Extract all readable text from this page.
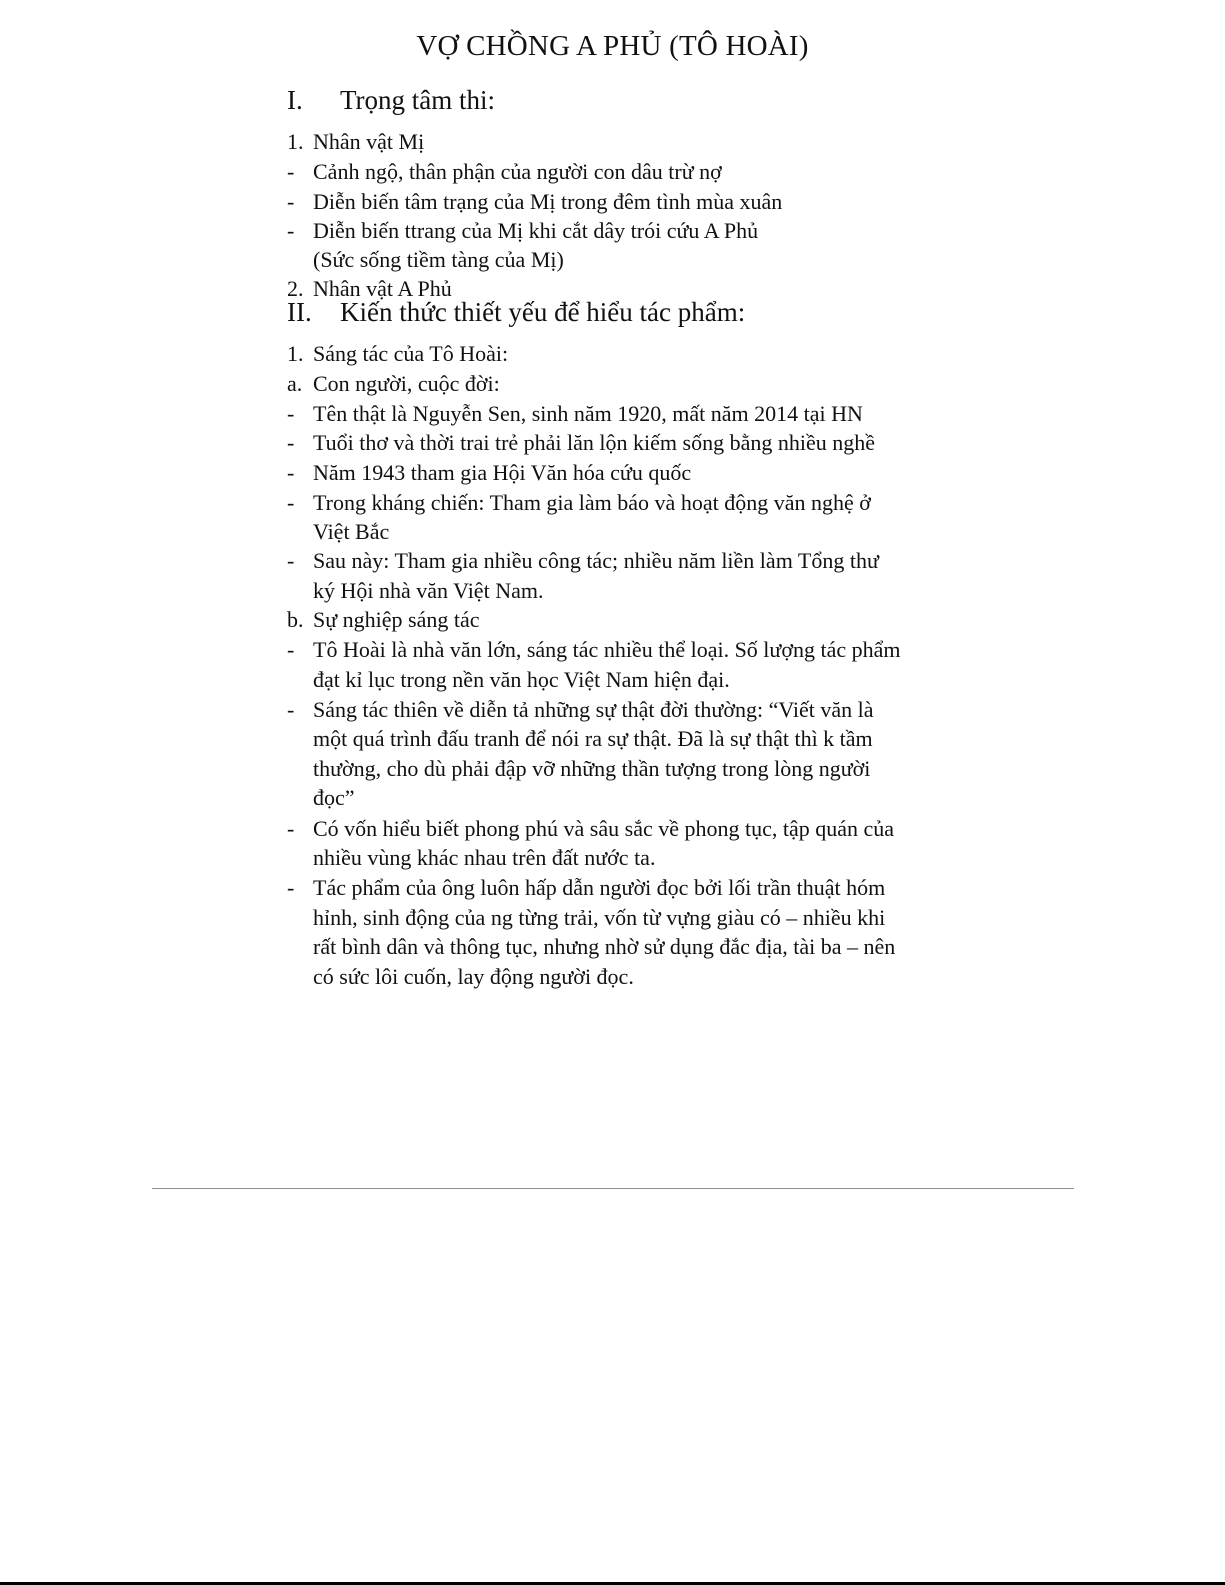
VỢ CHỒNG A PHỦ (TÔ HOÀI)
I. Trọng tâm thi:
1. Nhân vật Mị
- Cảnh ngộ, thân phận của người con dâu trừ nợ
- Diễn biến tâm trạng của Mị trong đêm tình mùa xuân
- Diễn biến ttrang của Mị khi cắt dây trói cứu A Phủ
(Sức sống tiềm tàng của Mị)
2. Nhân vật A Phủ
II. Kiến thức thiết yếu để hiểu tác phẩm:
1. Sáng tác của Tô Hoài:
a. Con người, cuộc đời:
- Tên thật là Nguyễn Sen, sinh năm 1920, mất năm 2014 tại HN
- Tuổi thơ và thời trai trẻ phải lăn lộn kiếm sống bằng nhiều nghề
- Năm 1943 tham gia Hội Văn hóa cứu quốc
- Trong kháng chiến: Tham gia làm báo và hoạt động văn nghệ ở
Việt Bắc
- Sau này: Tham gia nhiều công tác; nhiều năm liền làm Tổng thư
ký Hội nhà văn Việt Nam.
b. Sự nghiệp sáng tác
- Tô Hoài là nhà văn lớn, sáng tác nhiều thể loại. Số lượng tác phẩm
đạt kỉ lục trong nền văn học Việt Nam hiện đại.
- Sáng tác thiên về diễn tả những sự thật đời thường: “Viết văn là
một quá trình đấu tranh để nói ra sự thật. Đã là sự thật thì k tầm
thường, cho dù phải đập vỡ những thần tượng trong lòng người
đọc”
- Có vốn hiểu biết phong phú và sâu sắc về phong tục, tập quán của
nhiều vùng khác nhau trên đất nước ta.
- Tác phẩm của ông luôn hấp dẫn người đọc bởi lối trần thuật hóm
hỉnh, sinh động của ng từng trải, vốn từ vựng giàu có – nhiều khi
rất bình dân và thông tục, nhưng nhờ sử dụng đắc địa, tài ba – nên
có sức lôi cuốn, lay động người đọc.
